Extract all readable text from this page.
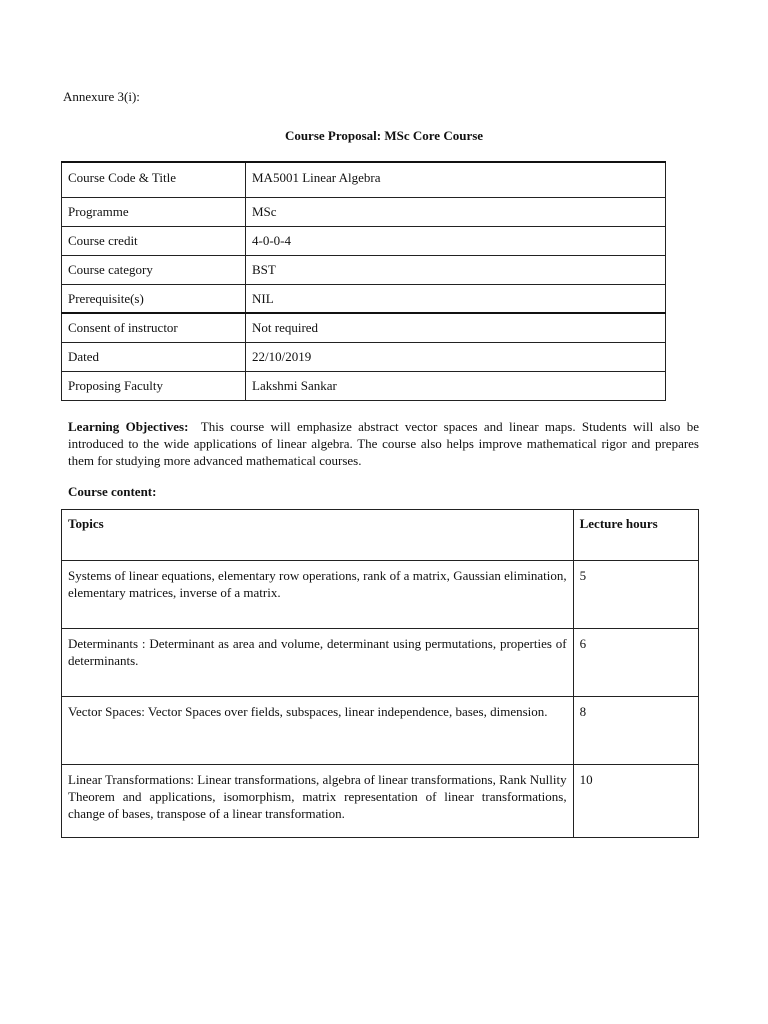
Annexure 3(i):
Course Proposal: MSc Core Course
Course Code & Title	MA5001 Linear Algebra
Programme	MSc
Course credit	4-0-0-4
Course category	BST
Prerequisite(s)	NIL
Consent of instructor	Not required
Dated	22/10/2019
Proposing Faculty	Lakshmi Sankar
Learning Objectives: This course will emphasize abstract vector spaces and linear maps. Students will also be introduced to the wide applications of linear algebra. The course also helps improve mathematical rigor and prepares them for studying more advanced mathematical courses.
Course content:
Topics	Lecture hours
Systems of linear equations, elementary row operations, rank of a matrix, Gaussian elimination, elementary matrices, inverse of a matrix.	5
Determinants : Determinant as area and volume, determinant using permutations, properties of determinants.	6
Vector Spaces: Vector Spaces over fields, subspaces, linear independence, bases, dimension.	8
Linear Transformations: Linear transformations, algebra of linear transformations, Rank Nullity Theorem and applications, isomorphism, matrix representation of linear transformations, change of bases, transpose of a linear transformation.	10
